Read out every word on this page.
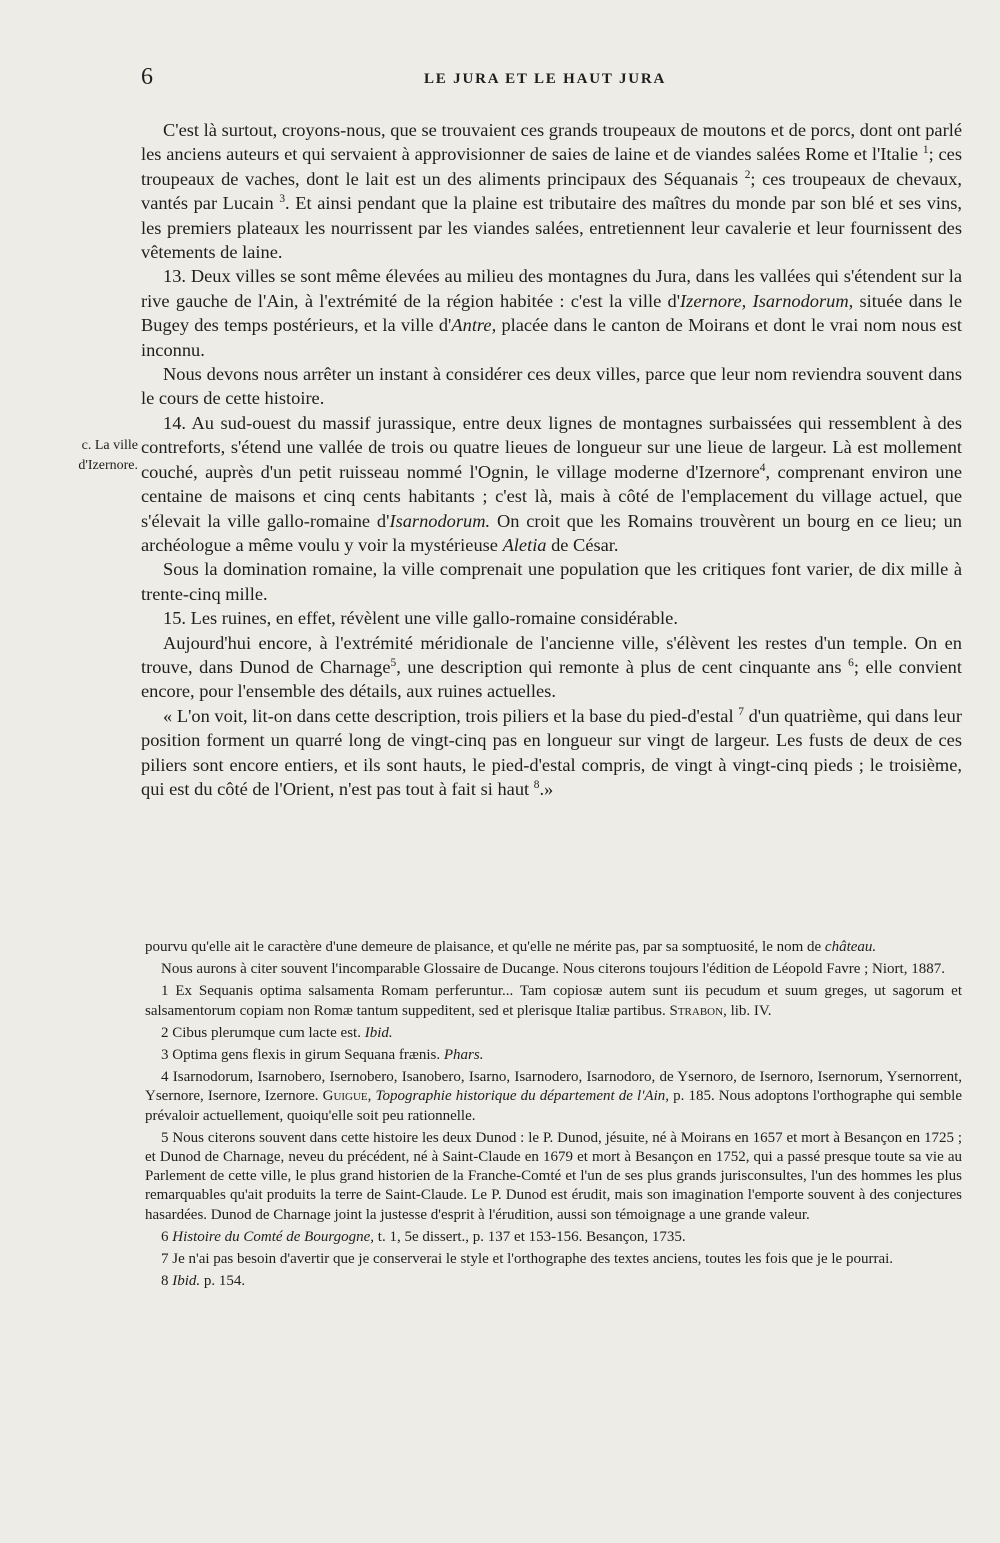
6	LE JURA ET LE HAUT JURA
c. La ville
d'Izernore.

C'est là surtout, croyons-nous, que se trouvaient ces grands troupeaux de moutons et de porcs, dont ont parlé les anciens auteurs et qui servaient à approvisionner de saies de laine et de viandes salées Rome et l'Italie $^1$; ces troupeaux de vaches, dont le lait est un des aliments principaux des Séquanais $^2$; ces troupeaux de chevaux, vantés par Lucain $^3$. Et ainsi pendant que la plaine est tributaire des maîtres du monde par son blé et ses vins, les premiers plateaux les nourrissent par les viandes salées, entretiennent leur cavalerie et leur fournissent des vêtements de laine.

13. Deux villes se sont même élevées au milieu des montagnes du Jura, dans les vallées qui s'étendent sur la rive gauche de l'Ain, à l'extrémité de la région habitée : c'est la ville d'Izernore, Isarnodorum, située dans le Bugey des temps postérieurs, et la ville d'Antre, placée dans le canton de Moirans et dont le vrai nom nous est inconnu.

Nous devons nous arrêter un instant à considérer ces deux villes, parce que leur nom reviendra souvent dans le cours de cette histoire.

14. Au sud-ouest du massif jurassique, entre deux lignes de montagnes surbaissées qui ressemblent à des contreforts, s'étend une vallée de trois ou quatre lieues de longueur sur une lieue de largeur. Là est mollement couché, auprès d'un petit ruisseau nommé l'Ognin, le village moderne d'Izernore$^4$, comprenant environ une centaine de maisons et cinq cents habitants ; c'est là, mais à côté de l'emplacement du village actuel, que s'élevait la ville gallo-romaine d'Isarnodorum. On croit que les Romains trouvèrent un bourg en ce lieu; un archéologue a même voulu y voir la mystérieuse Aletia de César.

Sous la domination romaine, la ville comprenait une population que les critiques font varier, de dix mille à trente-cinq mille.

15. Les ruines, en effet, révèlent une ville gallo-romaine considérable.

Aujourd'hui encore, à l'extrémité méridionale de l'ancienne ville, s'élèvent les restes d'un temple. On en trouve, dans Dunod de Charnage$^5$, une description qui remonte à plus de cent cinquante ans $^6$; elle convient encore, pour l'ensemble des détails, aux ruines actuelles.

« L'on voit, lit-on dans cette description, trois piliers et la base du pied-d'estal $^7$ d'un quatrième, qui dans leur position forment un quarré long de vingt-cinq pas en longueur sur vingt de largeur. Les fusts de deux de ces piliers sont encore entiers, et ils sont hauts, le pied-d'estal compris, de vingt à vingt-cinq pieds ; le troisième, qui est du côté de l'Orient, n'est pas tout à fait si haut $^8$.»

pourvu qu'elle ait le caractère d'une demeure de plaisance, et qu'elle ne mérite pas, par sa somptuosité, le nom de château.

Nous aurons à citer souvent l'incomparable Glossaire de Ducange. Nous citerons toujours l'édition de Léopold Favre ; Niort, 1887.

1 Ex Sequanis optima salsamenta Romam perferuntur... Tam copiosæ autem sunt iis pecudum et suum greges, ut sagorum et salsamentorum copiam non Romæ tantum suppeditent, sed et plerisque Italiæ partibus. Strabon, lib. IV.

2 Cibus plerumque cum lacte est. Ibid.

3 Optima gens flexis in girum Sequana frænis. Phars.

4 Isarnodorum, Isarnobero, Isernobero, Isanobero, Isarno, Isarnodero, Isarnodoro, de Ysernoro, de Isernoro, Isernorum, Ysernorrent, Ysernore, Isernore, Izernore. Guigue, Topographie historique du département de l'Ain, p. 185. Nous adoptons l'orthographe qui semble prévaloir actuellement, quoiqu'elle soit peu rationnelle.

5 Nous citerons souvent dans cette histoire les deux Dunod : le P. Dunod, jésuite, né à Moirans en 1657 et mort à Besançon en 1725 ; et Dunod de Charnage, neveu du précédent, né à Saint-Claude en 1679 et mort à Besançon en 1752, qui a passé presque toute sa vie au Parlement de cette ville, le plus grand historien de la Franche-Comté et l'un de ses plus grands jurisconsultes, l'un des hommes les plus remarquables qu'ait produits la terre de Saint-Claude. Le P. Dunod est érudit, mais son imagination l'emporte souvent à des conjectures hasardées. Dunod de Charnage joint la justesse d'esprit à l'érudition, aussi son témoignage a une grande valeur.

6 Histoire du Comté de Bourgogne, t. 1, 5e dissert., p. 137 et 153-156. Besançon, 1735.

7 Je n'ai pas besoin d'avertir que je conserverai le style et l'orthographe des textes anciens, toutes les fois que je le pourrai.

8 Ibid. p. 154.
